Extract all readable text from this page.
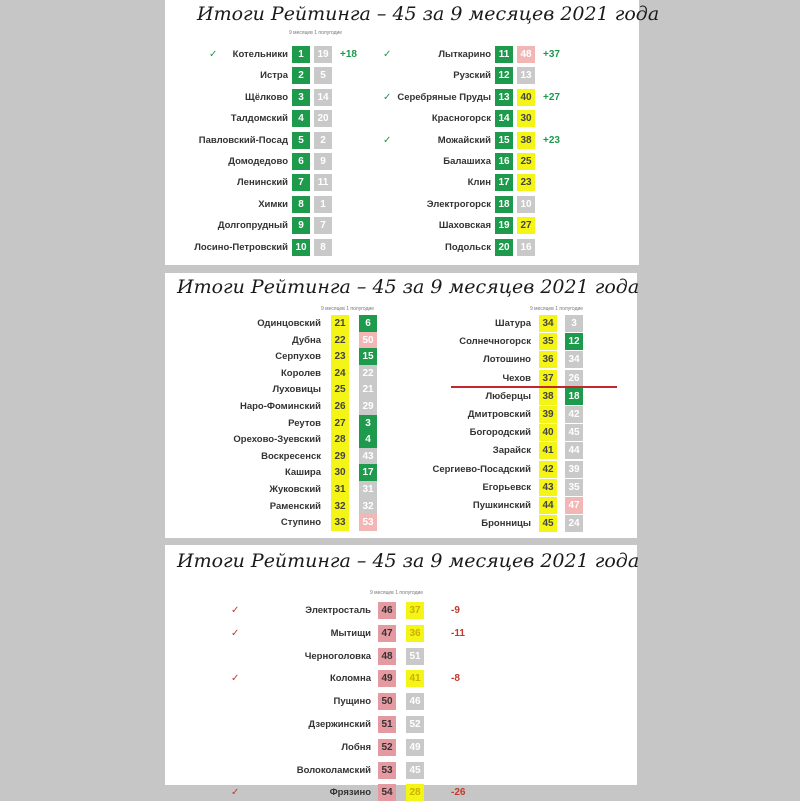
Итоги Рейтинга – 45 за 9 месяцев 2021 года
9 месяцев 1 полугодие
✓	Котельники	1	19	+18
Истра	2	5
Щёлково	3	14
Талдомский	4	20
Павловский-Посад	5	2
Домодедово	6	9
Ленинский	7	11
Химки	8	1
Долгопрудный	9	7
Лосино-Петровский 10	8
✓	Лыткарино 11	48	+37
Рузский 12	13
✓ Серебряные Пруды 13	40	+27
Красногорск 14	30
✓	Можайский 15	38	+23
Балашиха 16	25
Клин 17	23
Электрогорск 18	10
Шаховская 19	27
Подольск 20	16
Итоги Рейтинга – 45 за 9 месяцев 2021 года
9 месяцев 1 полугодие	9 месяцев 1 полугодие
Одинцовский	21	6
Дубна	22	50
Серпухов	23	15
Королев	24	22
Луховицы	25	21
Наро-Фоминский	26	29
Реутов	27	3
Орехово-Зуевский	28	4
Воскресенск	29	43
Кашира	30	17
Жуковский	31	31
Раменский	32	32
Ступино	33	53
Шатура	34	3
Солнечногорск	35	12
Лотошино	36	34
Чехов	37	26
Люберцы	38	18
Дмитровский	39	42
Богородский	40	45
Зарайск	41	44
Сергиево-Посадский	42	39
Егорьевск	43	35
Пушкинский	44	47
Бронницы	45	24
Итоги Рейтинга – 45 за 9 месяцев 2021 года
9 месяцев 1 полугодие
✓	Электросталь	46	37	-9
✓	Мытищи	47	36	-11
Черноголовка	48	51
✓	Коломна	49	41	-8
Пущино	50	46
Дзержинский	51	52
Лобня	52	49
Волоколамский	53	45
✓	Фрязино	54	28	-26
